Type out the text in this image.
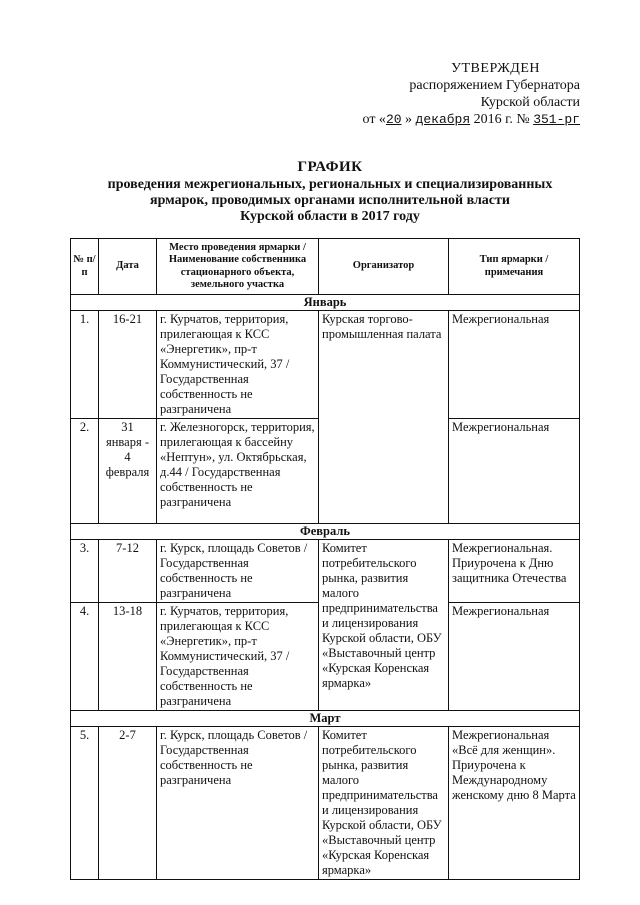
УТВЕРЖДЕН
распоряжением Губернатора
Курской области
от «20 » декабря 2016 г. № 351-рг
ГРАФИК
проведения межрегиональных, региональных и специализированных
ярмарок, проводимых органами исполнительной власти
Курской области в 2017 году
№ п/п	Дата	Место проведения ярмарки / Наименование собственника стационарного объекта, земельного участка	Организатор	Тип ярмарки / примечания
Январь				
1.	16-21	г. Курчатов, территория, прилегающая к КСС «Энергетик», пр-т Коммунистический, 37 / Государственная собственность не разграничена	Курская торгово-промышленная палата	Межрегиональная
2.	31 января - 4 февраля	г. Железногорск, территория, прилегающая к бассейну «Нептун», ул. Октябрьская, д.44 / Государственная собственность не разграничена		Межрегиональная
Февраль				
3.	7-12	г. Курск, площадь Советов / Государственная собственность не разграничена	Комитет потребительского рынка, развития малого предпринимательства и лицензирования Курской области, ОБУ «Выставочный центр «Курская Коренская ярмарка»	Межрегиональная. Приурочена к Дню защитника Отечества
4.	13-18	г. Курчатов, территория, прилегающая к КСС «Энергетик», пр-т Коммунистический, 37 / Государственная собственность не разграничена		Межрегиональная
Март				
5.	2-7	г. Курск, площадь Советов / Государственная собственность не разграничена	Комитет потребительского рынка, развития малого предпринимательства и лицензирования Курской области, ОБУ «Выставочный центр «Курская Коренская ярмарка»	Межрегиональная «Всё для женщин». Приурочена к Международному женскому дню 8 Марта
